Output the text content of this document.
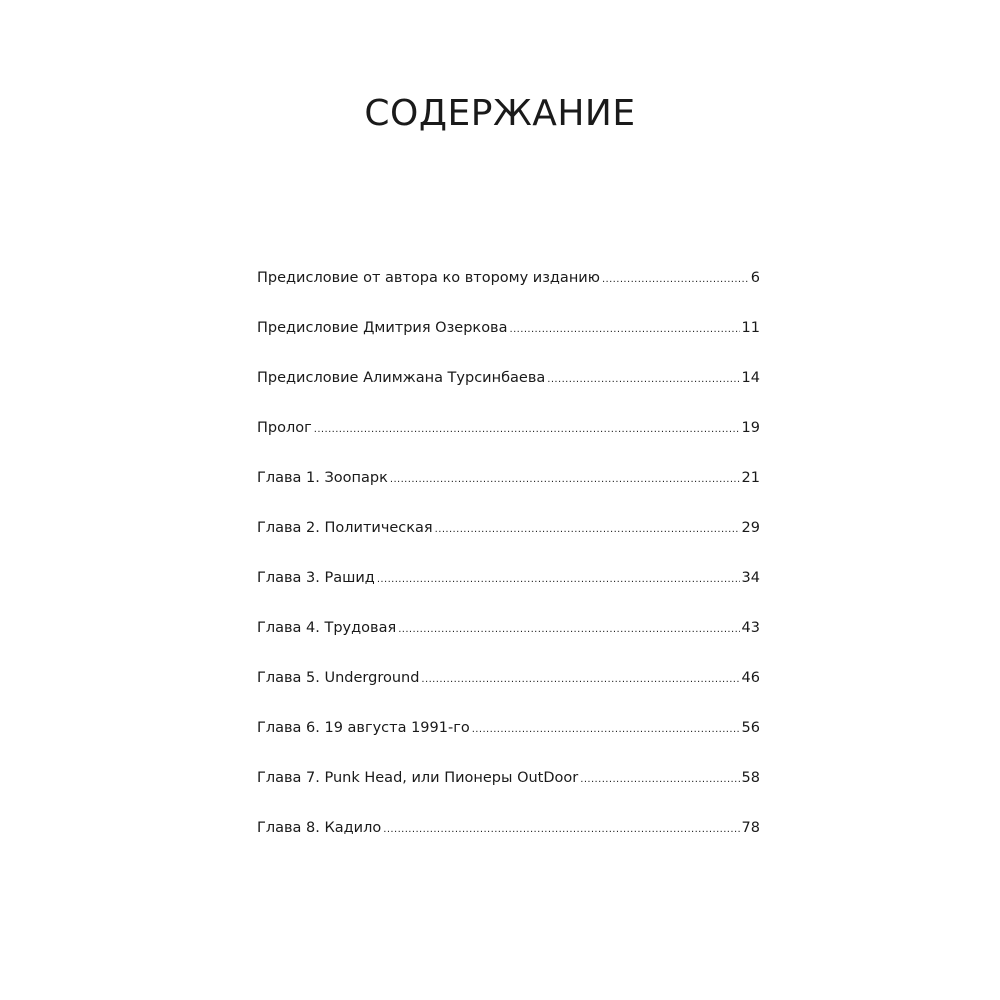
СОДЕРЖАНИЕ
Предисловие от автора ко второму изданию .....	6
Предисловие Дмитрия Озеркова .....	11
Предисловие Алимжана Турсинбаева .....	14
Пролог .....	19
Глава 1. Зоопарк .....	21
Глава 2. Политическая .....	29
Глава 3. Рашид .....	34
Глава 4. Трудовая .....	43
Глава 5. Underground .....	46
Глава 6. 19 августа 1991-го .....	56
Глава 7. Punk Head, или Пионеры OutDoor .....	58
Глава 8. Кадило .....	78
